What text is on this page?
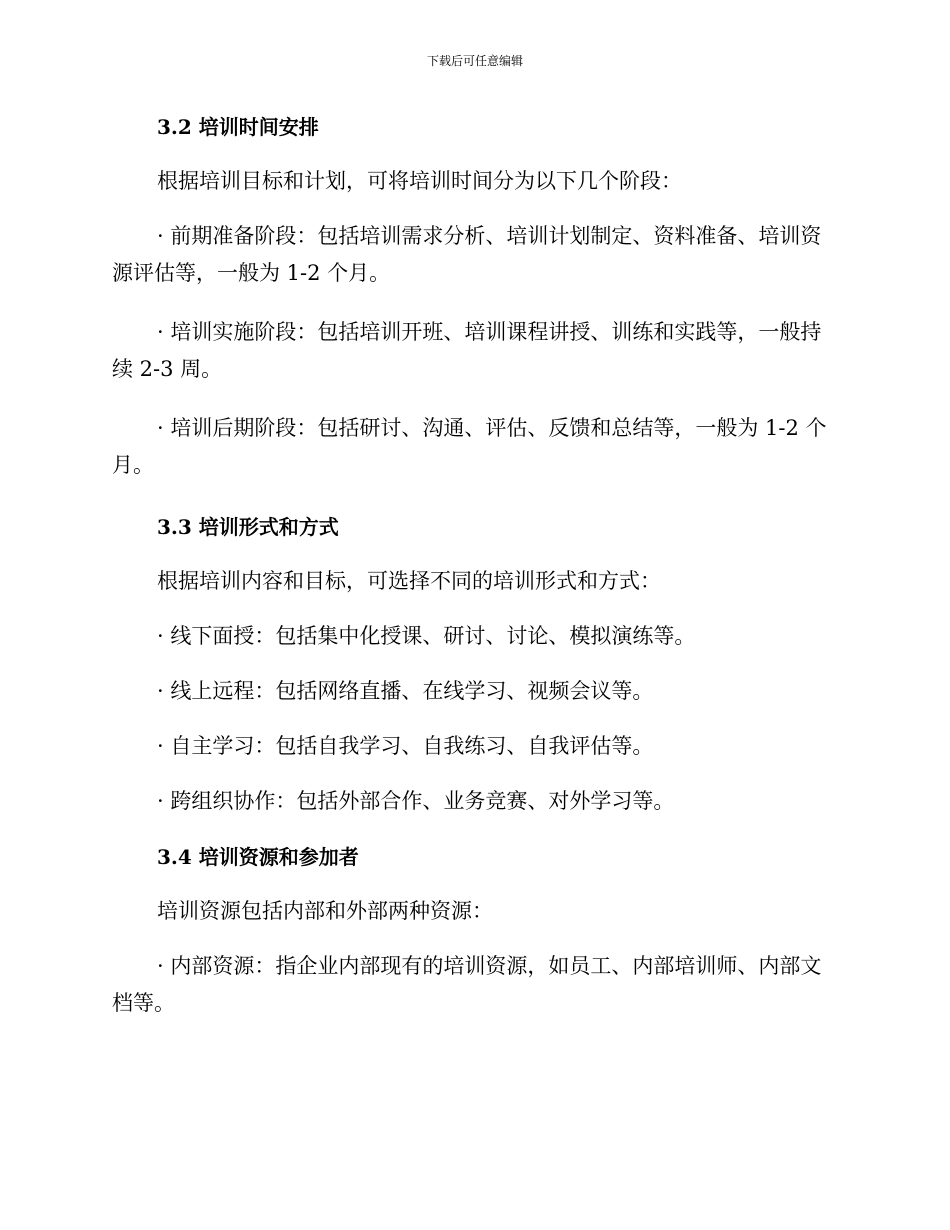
下载后可任意编辑
3.2 培训时间安排

根据培训目标和计划，可将培训时间分为以下几个阶段：

· 前期准备阶段：包括培训需求分析、培训计划制定、资料准备、培训资源评估等，一般为 1-2 个月。

· 培训实施阶段：包括培训开班、培训课程讲授、训练和实践等，一般持续 2-3 周。

· 培训后期阶段：包括研讨、沟通、评估、反馈和总结等，一般为 1-2 个月。

3.3 培训形式和方式

根据培训内容和目标，可选择不同的培训形式和方式：

· 线下面授：包括集中化授课、研讨、讨论、模拟演练等。

· 线上远程：包括网络直播、在线学习、视频会议等。

· 自主学习：包括自我学习、自我练习、自我评估等。

· 跨组织协作：包括外部合作、业务竞赛、对外学习等。

3.4 培训资源和参加者

培训资源包括内部和外部两种资源：

· 内部资源：指企业内部现有的培训资源，如员工、内部培训师、内部文档等。
